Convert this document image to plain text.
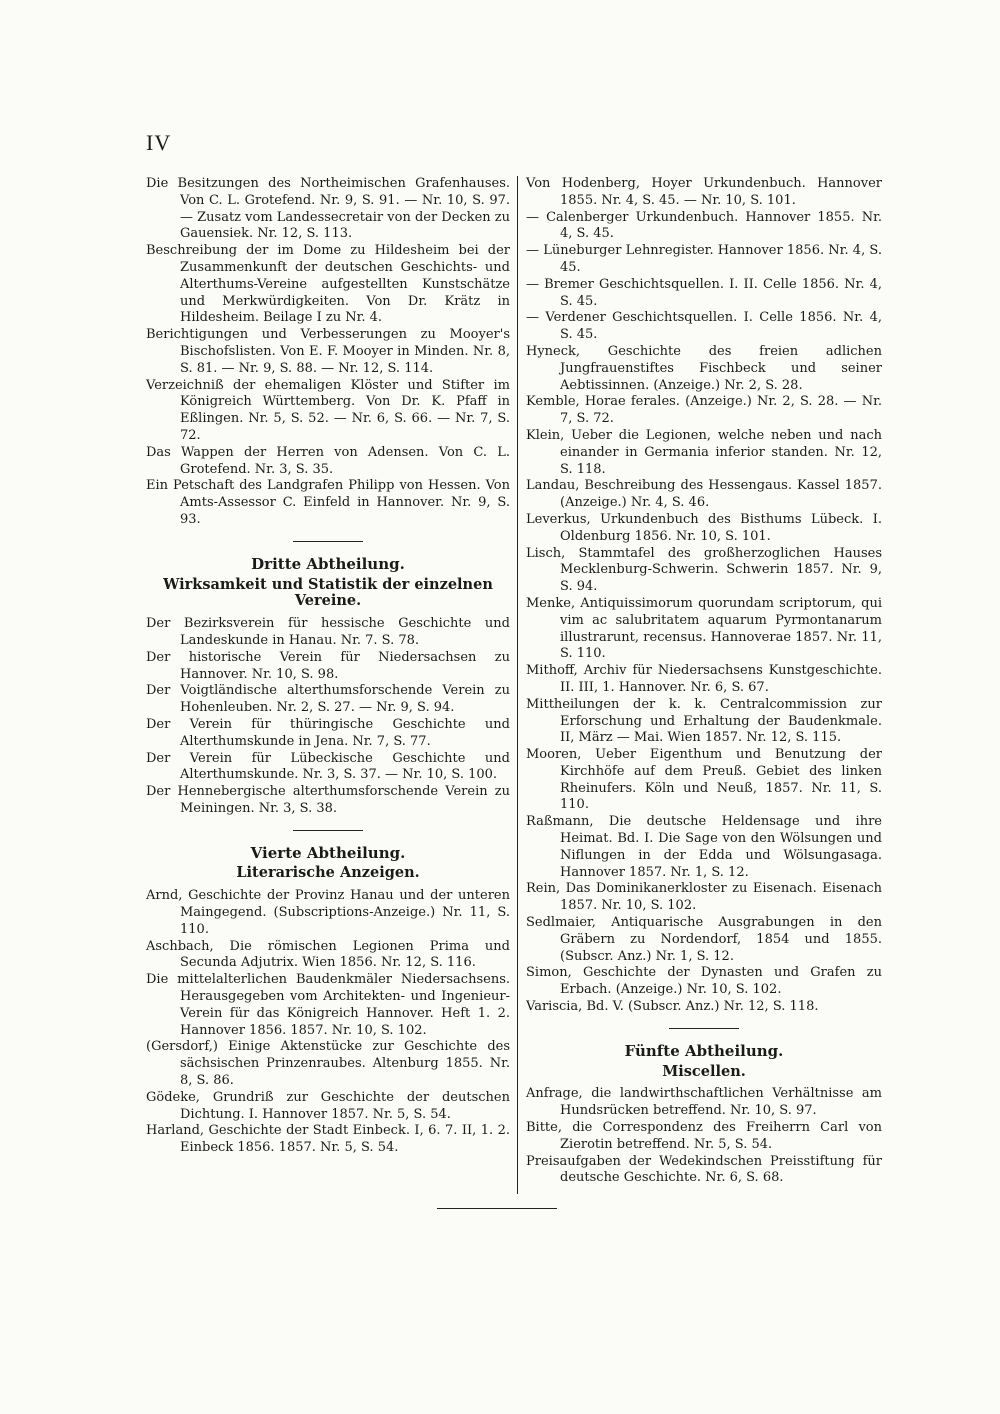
IV

Die Besitzungen des Northeimischen Grafenhauses. Von C. L. Grotefend. Nr. 9, S. 91. — Nr. 10, S. 97. — Zusatz vom Landessecretair von der Decken zu Gauensiek. Nr. 12, S. 113.

Beschreibung der im Dome zu Hildesheim bei der Zusammenkunft der deutschen Geschichts- und Alterthums-Vereine aufgestellten Kunstschätze und Merkwürdigkeiten. Von Dr. Krätz in Hildesheim. Beilage I zu Nr. 4.

Berichtigungen und Verbesserungen zu Mooyer's Bischofslisten. Von E. F. Mooyer in Minden. Nr. 8, S. 81. — Nr. 9, S. 88. — Nr. 12, S. 114.

Verzeichniß der ehemaligen Klöster und Stifter im Königreich Württemberg. Von Dr. K. Pfaff in Eßlingen. Nr. 5, S. 52. — Nr. 6, S. 66. — Nr. 7, S. 72.

Das Wappen der Herren von Adensen. Von C. L. Grotefend. Nr. 3, S. 35.

Ein Petschaft des Landgrafen Philipp von Hessen. Von Amts-Assessor C. Einfeld in Hannover. Nr. 9, S. 93.

Dritte Abtheilung.
Wirksamkeit und Statistik der einzelnen Vereine.

Der Bezirksverein für hessische Geschichte und Landeskunde in Hanau. Nr. 7. S. 78.

Der historische Verein für Niedersachsen zu Hannover. Nr. 10, S. 98.

Der Voigtländische alterthumsforschende Verein zu Hohenleuben. Nr. 2, S. 27. — Nr. 9, S. 94.

Der Verein für thüringische Geschichte und Alterthumskunde in Jena. Nr. 7, S. 77.

Der Verein für Lübeckische Geschichte und Alterthumskunde. Nr. 3, S. 37. — Nr. 10, S. 100.

Der Hennebergische alterthumsforschende Verein zu Meiningen. Nr. 3, S. 38.

Vierte Abtheilung.
Literarische Anzeigen.

Arnd, Geschichte der Provinz Hanau und der unteren Maingegend. (Subscriptions-Anzeige.) Nr. 11, S. 110.

Aschbach, Die römischen Legionen Prima und Secunda Adjutrix. Wien 1856. Nr. 12, S. 116.

Die mittelalterlichen Baudenkmäler Niedersachsens. Herausgegeben vom Architekten- und Ingenieur-Verein für das Königreich Hannover. Heft 1. 2. Hannover 1856. 1857. Nr. 10, S. 102.

(Gersdorf,) Einige Aktenstücke zur Geschichte des sächsischen Prinzenraubes. Altenburg 1855. Nr. 8, S. 86.

Gödeke, Grundriß zur Geschichte der deutschen Dichtung. I. Hannover 1857. Nr. 5, S. 54.

Harland, Geschichte der Stadt Einbeck. I, 6. 7. II, 1. 2. Einbeck 1856. 1857. Nr. 5, S. 54.

Von Hodenberg, Hoyer Urkundenbuch. Hannover 1855. Nr. 4, S. 45. — Nr. 10, S. 101.

— Calenberger Urkundenbuch. Hannover 1855. Nr. 4, S. 45.

— Lüneburger Lehnregister. Hannover 1856. Nr. 4, S. 45.

— Bremer Geschichtsquellen. I. II. Celle 1856. Nr. 4, S. 45.

— Verdener Geschichtsquellen. I. Celle 1856. Nr. 4, S. 45.

Hyneck, Geschichte des freien adlichen Jungfrauenstiftes Fischbeck und seiner Aebtissinnen. (Anzeige.) Nr. 2, S. 28.

Kemble, Horae ferales. (Anzeige.) Nr. 2, S. 28. — Nr. 7, S. 72.

Klein, Ueber die Legionen, welche neben und nach einander in Germania inferior standen. Nr. 12, S. 118.

Landau, Beschreibung des Hessengaus. Kassel 1857. (Anzeige.) Nr. 4, S. 46.

Leverkus, Urkundenbuch des Bisthums Lübeck. I. Oldenburg 1856. Nr. 10, S. 101.

Lisch, Stammtafel des großherzoglichen Hauses Mecklenburg-Schwerin. Schwerin 1857. Nr. 9, S. 94.

Menke, Antiquissimorum quorundam scriptorum, qui vim ac salubritatem aquarum Pyrmontanarum illustrarunt, recensus. Hannoverae 1857. Nr. 11, S. 110.

Mithoff, Archiv für Niedersachsens Kunstgeschichte. II. III, 1. Hannover. Nr. 6, S. 67.

Mittheilungen der k. k. Centralcommission zur Erforschung und Erhaltung der Baudenkmale. II, März — Mai. Wien 1857. Nr. 12, S. 115.

Mooren, Ueber Eigenthum und Benutzung der Kirchhöfe auf dem Preuß. Gebiet des linken Rheinufers. Köln und Neuß, 1857. Nr. 11, S. 110.

Raßmann, Die deutsche Heldensage und ihre Heimat. Bd. I. Die Sage von den Wölsungen und Niflungen in der Edda und Wölsungasaga. Hannover 1857. Nr. 1, S. 12.

Rein, Das Dominikanerkloster zu Eisenach. Eisenach 1857. Nr. 10, S. 102.

Sedlmaier, Antiquarische Ausgrabungen in den Gräbern zu Nordendorf, 1854 und 1855. (Subscr. Anz.) Nr. 1, S. 12.

Simon, Geschichte der Dynasten und Grafen zu Erbach. (Anzeige.) Nr. 10, S. 102.

Variscia, Bd. V. (Subscr. Anz.) Nr. 12, S. 118.

Fünfte Abtheilung.
Miscellen.

Anfrage, die landwirthschaftlichen Verhältnisse am Hundsrücken betreffend. Nr. 10, S. 97.

Bitte, die Correspondenz des Freiherrn Carl von Zierotin betreffend. Nr. 5, S. 54.

Preisaufgaben der Wedekindschen Preisstiftung für deutsche Geschichte. Nr. 6, S. 68.
